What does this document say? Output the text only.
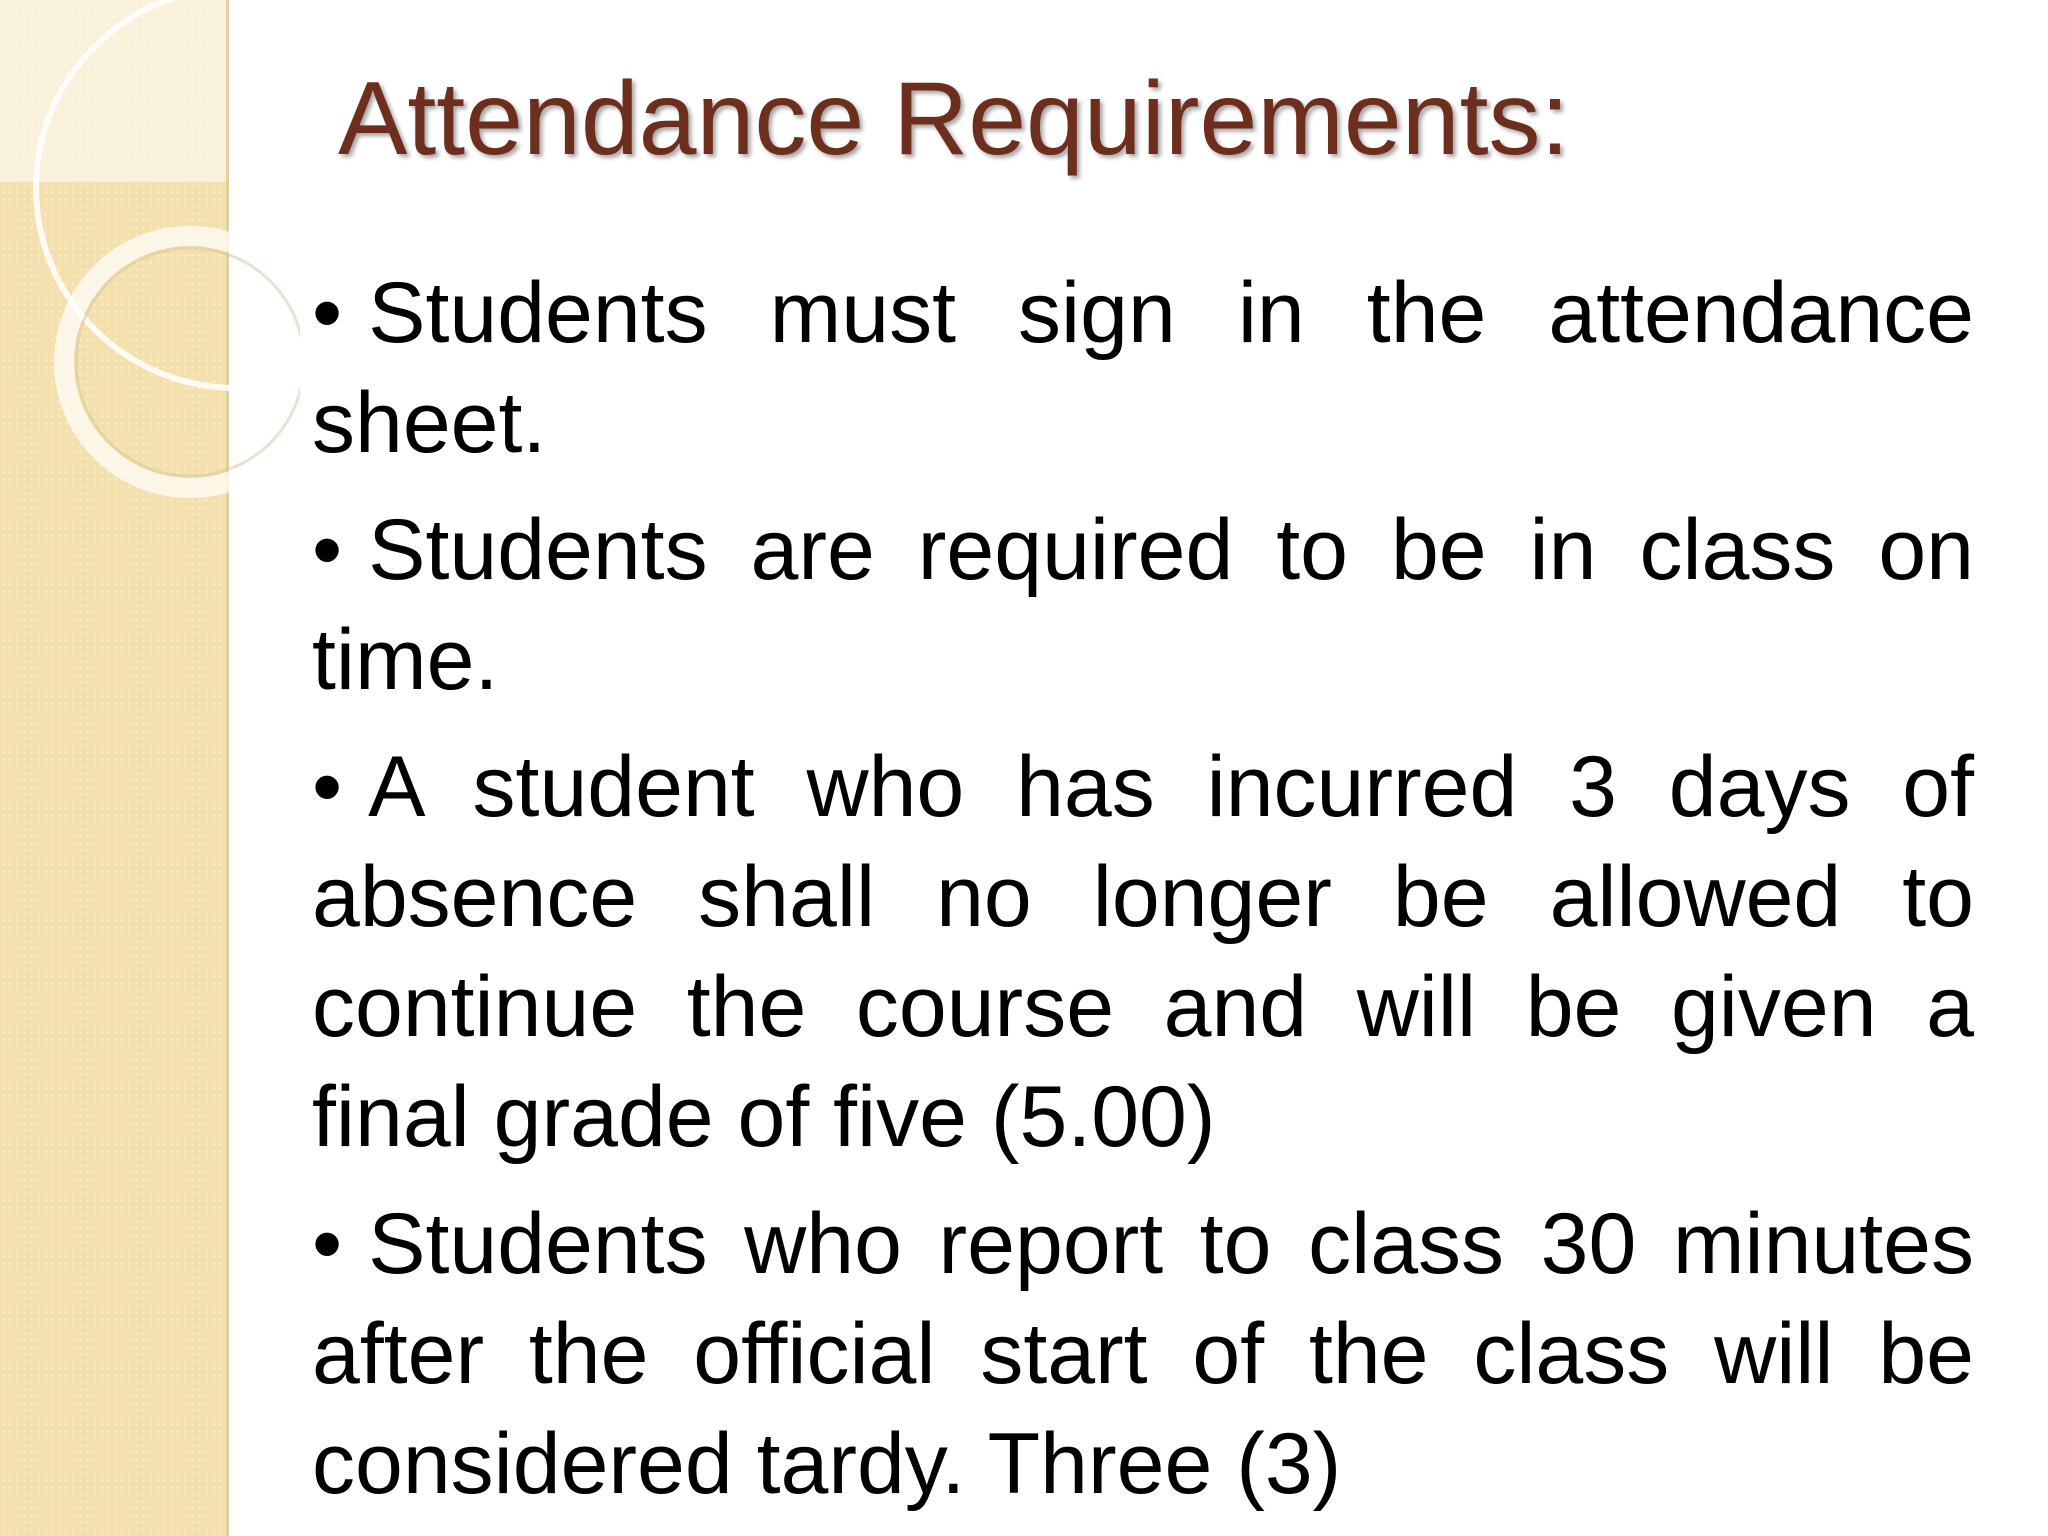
Attendance Requirements:
• Students must sign in the attendance sheet.
• Students are required to be in class on time.
• A student who has incurred 3 days of absence shall no longer be allowed to continue the course and will be given a final grade of five (5.00)
• Students who report to class 30 minutes after the official start of the class will be considered tardy. Three (3)
